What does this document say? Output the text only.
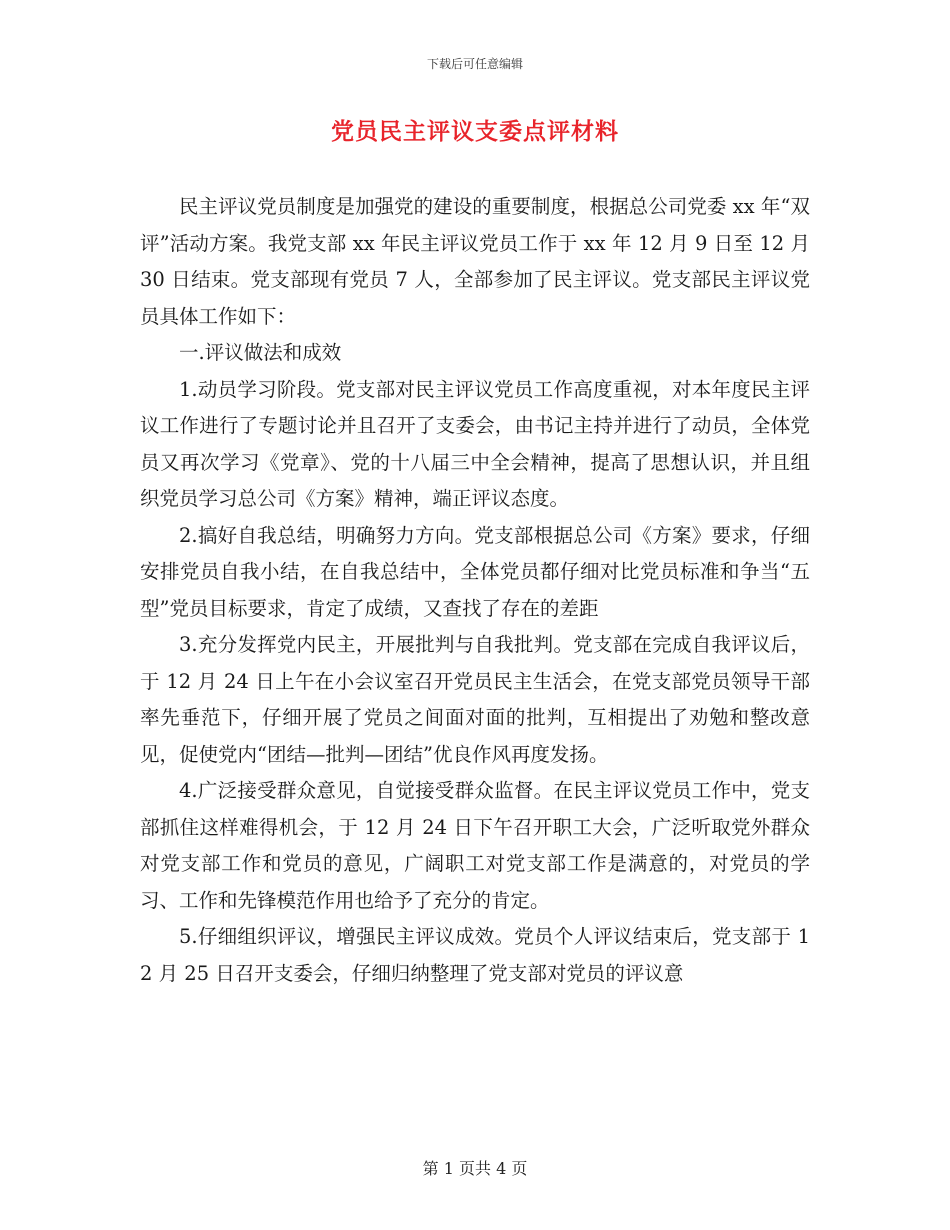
下载后可任意编辑
党员民主评议支委点评材料

民主评议党员制度是加强党的建设的重要制度，根据总公司党委 xx 年“双评”活动方案。我党支部 xx 年民主评议党员工作于 xx 年 12 月 9 日至 12 月 30 日结束。党支部现有党员 7 人，全部参加了民主评议。党支部民主评议党员具体工作如下：

一.评议做法和成效

1.动员学习阶段。党支部对民主评议党员工作高度重视，对本年度民主评议工作进行了专题讨论并且召开了支委会，由书记主持并进行了动员，全体党员又再次学习《党章》、党的十八届三中全会精神，提高了思想认识，并且组织党员学习总公司《方案》精神，端正评议态度。

2.搞好自我总结，明确努力方向。党支部根据总公司《方案》要求，仔细安排党员自我小结，在自我总结中，全体党员都仔细对比党员标准和争当“五型”党员目标要求，肯定了成绩，又查找了存在的差距

3.充分发挥党内民主，开展批判与自我批判。党支部在完成自我评议后，于 12 月 24 日上午在小会议室召开党员民主生活会，在党支部党员领导干部率先垂范下，仔细开展了党员之间面对面的批判，互相提出了劝勉和整改意见，促使党内“团结—批判—团结”优良作风再度发扬。

4.广泛接受群众意见，自觉接受群众监督。在民主评议党员工作中，党支部抓住这样难得机会，于 12 月 24 日下午召开职工大会，广泛听取党外群众对党支部工作和党员的意见，广阔职工对党支部工作是满意的，对党员的学习、工作和先锋模范作用也给予了充分的肯定。

5.仔细组织评议，增强民主评议成效。党员个人评议结束后，党支部于 12 月 25 日召开支委会，仔细归纳整理了党支部对党员的评议意

第 1 页共 4 页
